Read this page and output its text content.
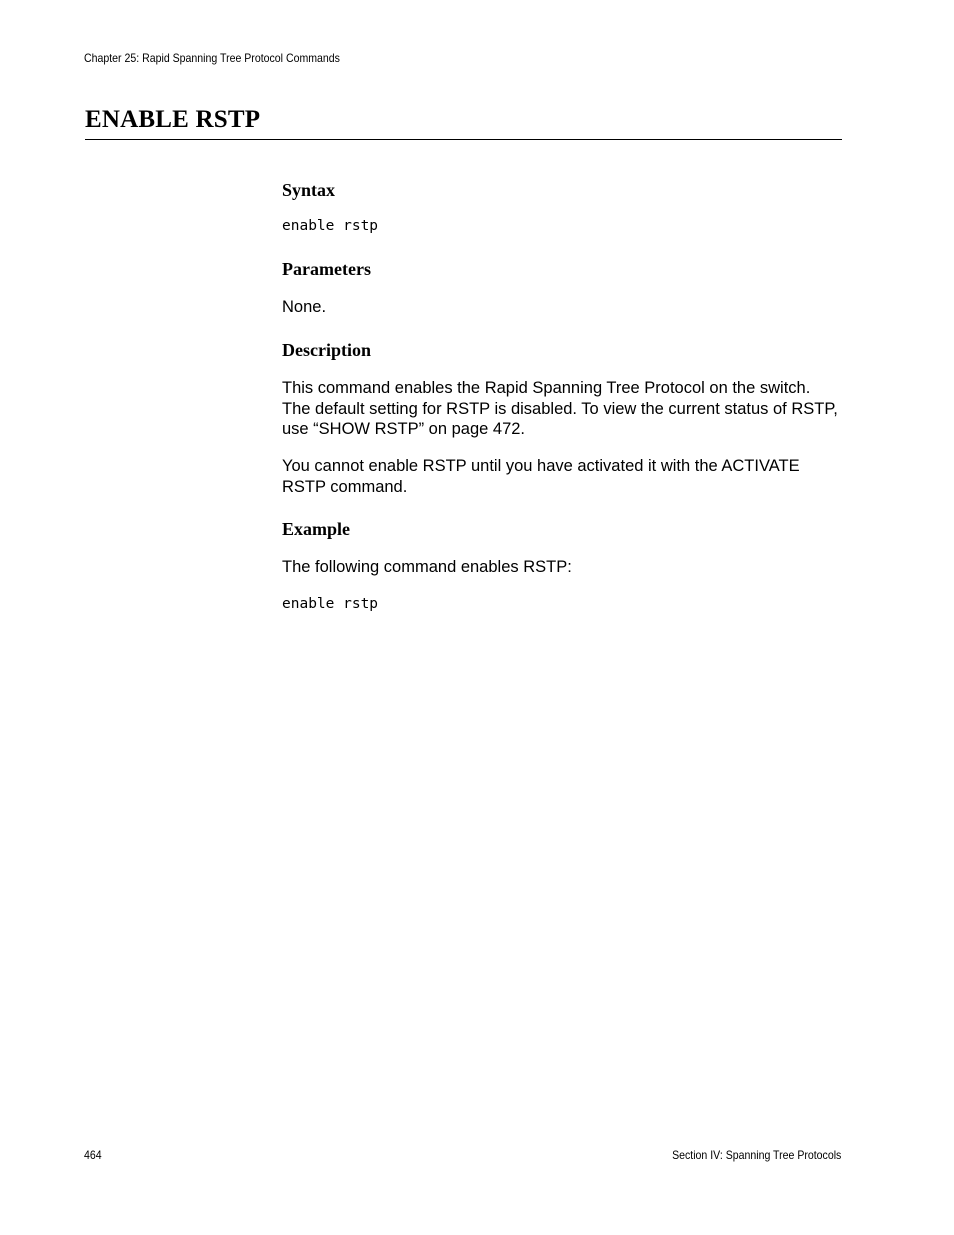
Chapter 25: Rapid Spanning Tree Protocol Commands
ENABLE RSTP
Syntax
enable rstp
Parameters

None.

Description

This command enables the Rapid Spanning Tree Protocol on the switch. The default setting for RSTP is disabled. To view the current status of RSTP, use “SHOW RSTP” on page 472.

You cannot enable RSTP until you have activated it with the ACTIVATE RSTP command.

Example

The following command enables RSTP:

enable rstp
464	Section IV: Spanning Tree Protocols
